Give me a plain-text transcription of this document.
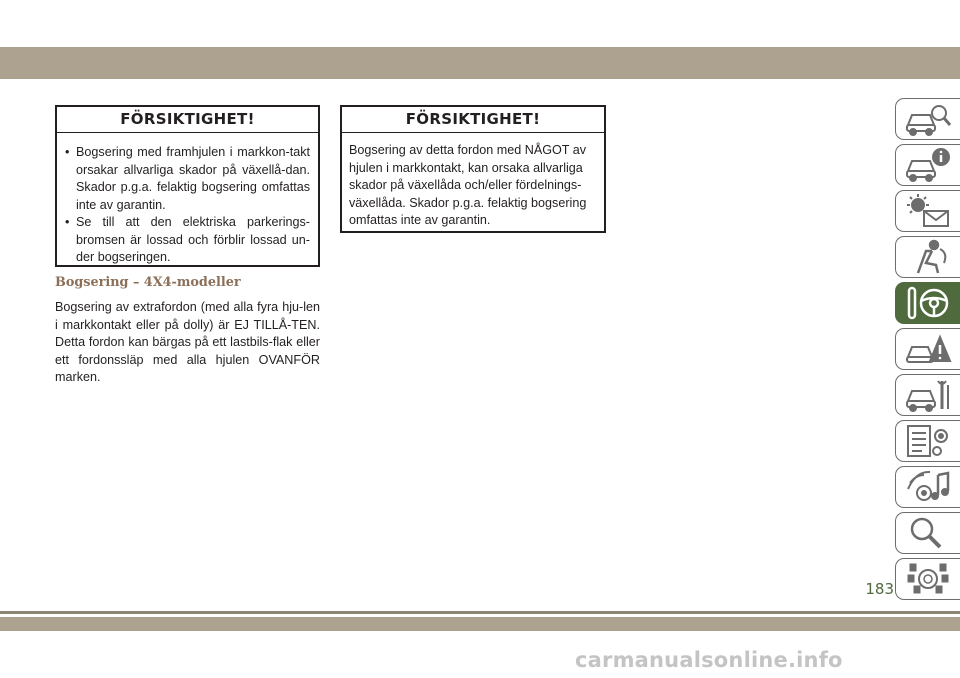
FÖRSIKTIGHET!
• Bogsering med framhjulen i markkon-takt orsakar allvarliga skador på växellå-dan. Skador p.g.a. felaktig bogsering omfattas inte av garantin.
• Se till att den elektriska parkerings-bromsen är lossad och förblir lossad un-der bogseringen.
Bogsering – 4X4-modeller
Bogsering av extrafordon (med alla fyra hju-len i markkontakt eller på dolly) är EJ TILLÅ-TEN. Detta fordon kan bärgas på ett lastbils-flak eller ett fordonssläp med alla hjulen OVANFÖR marken.
FÖRSIKTIGHET!
Bogsering av detta fordon med NÅGOT av hjulen i markkontakt, kan orsaka allvarliga skador på växellåda och/eller fördelnings-växellåda. Skador p.g.a. felaktig bogsering omfattas inte av garantin.
183
carmanualsonline.info
